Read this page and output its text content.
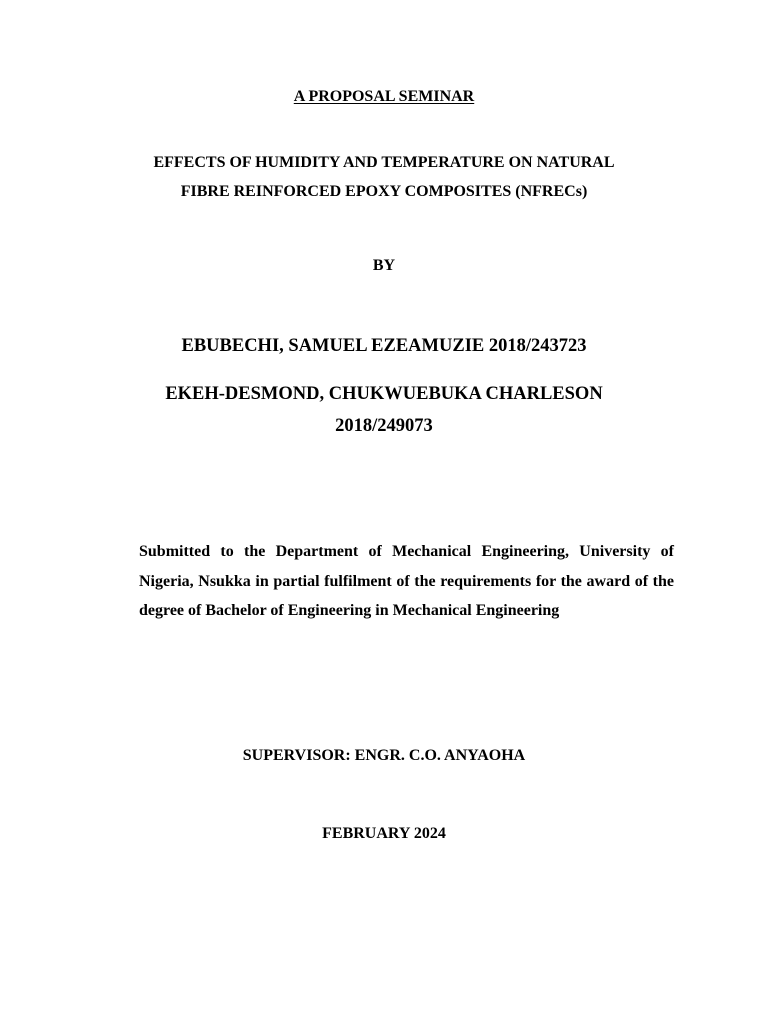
A PROPOSAL SEMINAR
EFFECTS OF HUMIDITY AND TEMPERATURE ON NATURAL
FIBRE REINFORCED EPOXY COMPOSITES (NFRECs)
BY
EBUBECHI, SAMUEL EZEAMUZIE 2018/243723
EKEH-DESMOND, CHUKWUEBUKA CHARLESON
2018/249073
Submitted to the Department of Mechanical Engineering, University of Nigeria, Nsukka in partial fulfilment of the requirements for the award of the degree of Bachelor of Engineering in Mechanical Engineering
SUPERVISOR: ENGR. C.O. ANYAOHA
FEBRUARY 2024
